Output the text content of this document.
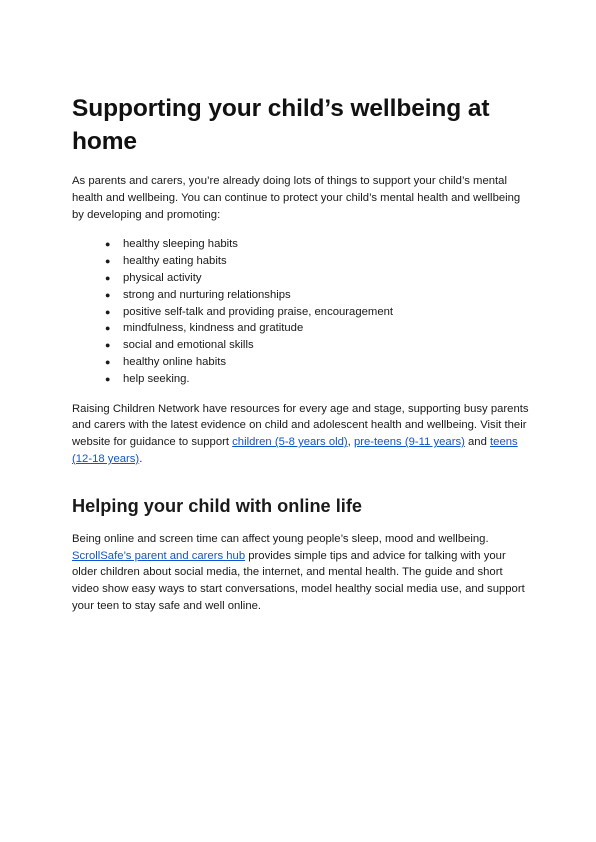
Supporting your child’s wellbeing at home

As parents and carers, you’re already doing lots of things to support your child’s mental health and wellbeing. You can continue to protect your child’s mental health and wellbeing by developing and promoting:

● healthy sleeping habits
● healthy eating habits
● physical activity
● strong and nurturing relationships
● positive self-talk and providing praise, encouragement
● mindfulness, kindness and gratitude
● social and emotional skills
● healthy online habits
● help seeking.

Raising Children Network have resources for every age and stage, supporting busy parents and carers with the latest evidence on child and adolescent health and wellbeing. Visit their website for guidance to support children (5-8 years old), pre-teens (9-11 years) and teens (12-18 years).

Helping your child with online life

Being online and screen time can affect young people’s sleep, mood and wellbeing. ScrollSafe’s parent and carers hub provides simple tips and advice for talking with your older children about social media, the internet, and mental health. The guide and short video show easy ways to start conversations, model healthy social media use, and support your teen to stay safe and well online.
